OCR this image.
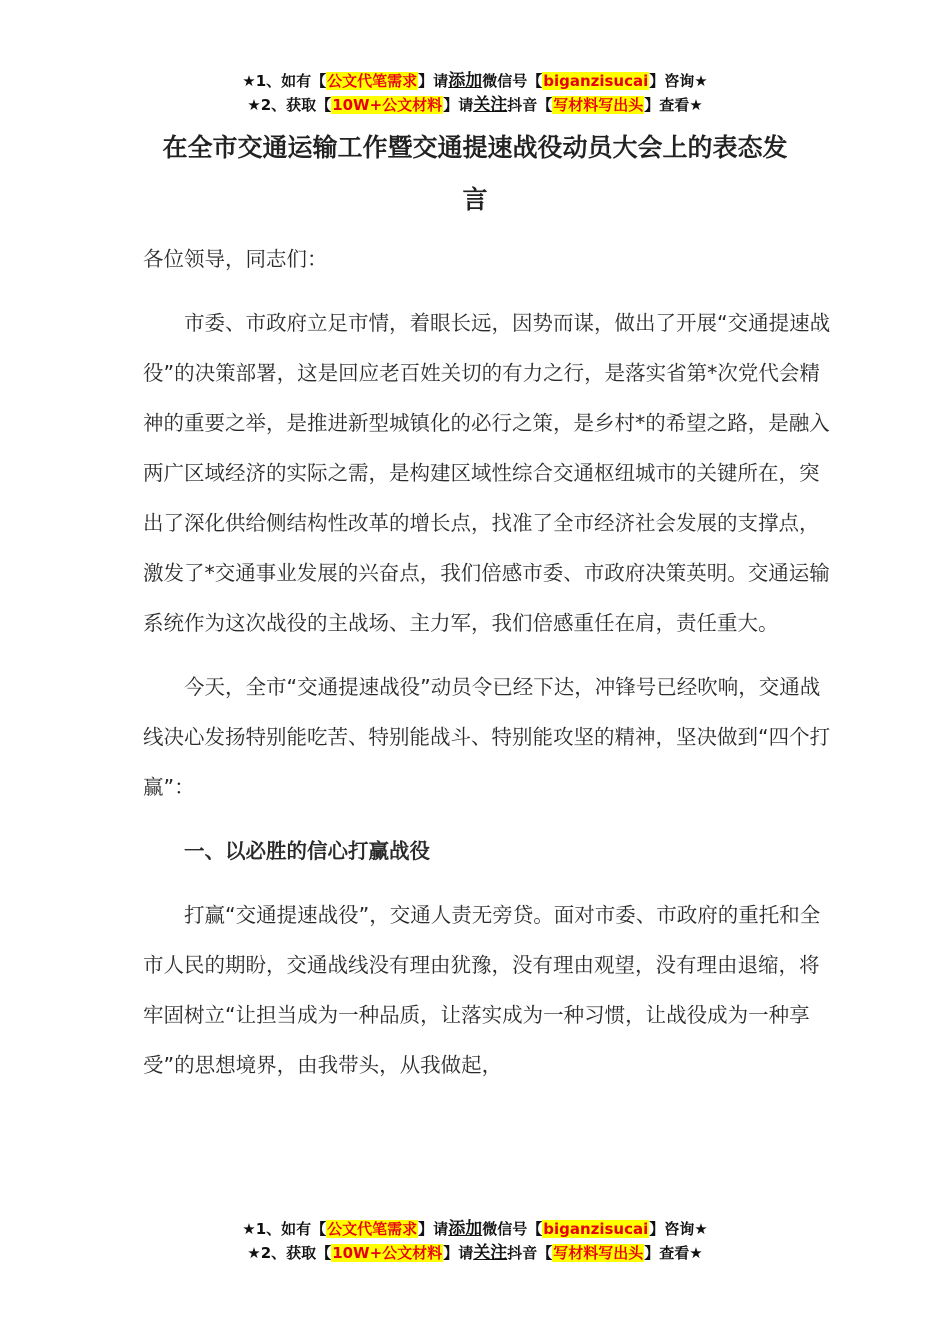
★1、如有【公文代笔需求】请添加微信号【biganzisucai】咨询★
★2、获取【10W+公文材料】请关注抖音【写材料写出头】查看★
在全市交通运输工作暨交通提速战役动员大会上的表态发
言

各位领导，同志们：

市委、市政府立足市情，着眼长远，因势而谋，做出了开展“交通提速战役”的决策部署，这是回应老百姓关切的有力之行，是落实省第*次党代会精神的重要之举，是推进新型城镇化的必行之策，是乡村*的希望之路，是融入两广区域经济的实际之需，是构建区域性综合交通枢纽城市的关键所在，突出了深化供给侧结构性改革的增长点，找准了全市经济社会发展的支撑点，激发了*交通事业发展的兴奋点，我们倍感市委、市政府决策英明。交通运输系统作为这次战役的主战场、主力军，我们倍感重任在肩，责任重大。

今天，全市“交通提速战役”动员令已经下达，冲锋号已经吹响，交通战线决心发扬特别能吃苦、特别能战斗、特别能攻坚的精神，坚决做到“四个打赢”：

一、以必胜的信心打赢战役

打赢“交通提速战役”，交通人责无旁贷。面对市委、市政府的重托和全市人民的期盼，交通战线没有理由犹豫，没有理由观望，没有理由退缩，将牢固树立“让担当成为一种品质，让落实成为一种习惯，让战役成为一种享受”的思想境界，由我带头，从我做起，

★1、如有【公文代笔需求】请添加微信号【biganzisucai】咨询★
★2、获取【10W+公文材料】请关注抖音【写材料写出头】查看★
